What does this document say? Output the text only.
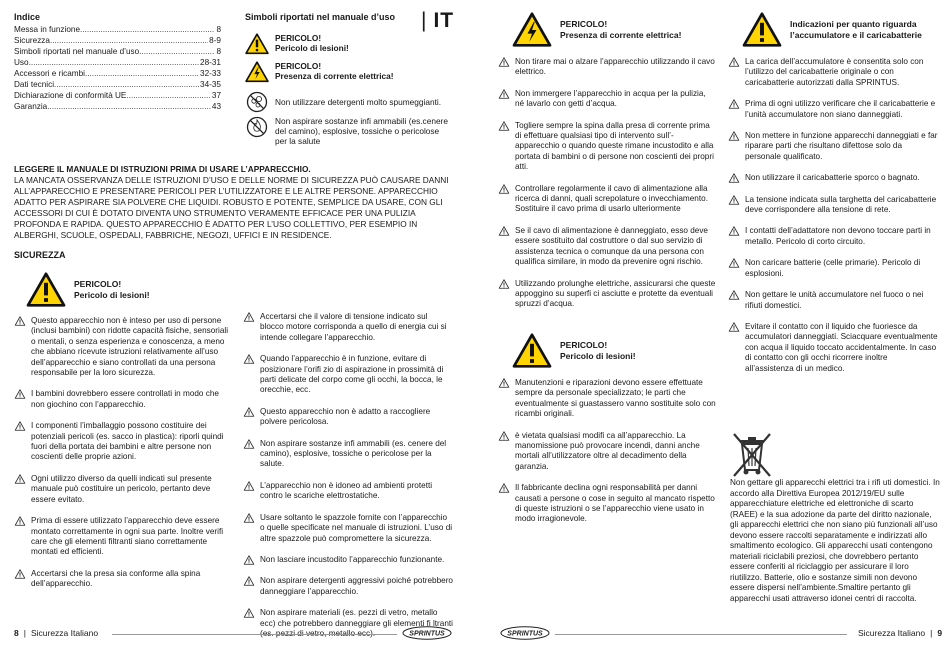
Indice
Messa in funzione .....	8
Sicurezza .....	8-9
Simboli riportati nel manuale d’uso .....	8
Uso .....	28-31
Accessori e ricambi .....	32-33
Dati tecnici .....	34-35
Dichiarazione di conformità UE .....	37
Garanzia .....	43
Simboli riportati nel manuale d’uso | IT
PERICOLO!
Pericolo di lesioni!
PERICOLO!
Presenza di corrente elettrica!
Non utilizzare detergenti molto spumeggianti.
Non aspirare sostanze infi ammabili (es.cenere del camino), esplosive, tossiche o pericolose per la salute
LEGGERE IL MANUALE DI ISTRUZIONI PRIMA DI USARE L’APPARECCHIO.
LA MANCATA OSSERVANZA DELLE ISTRUZIONI D’USO E DELLE NORME DI SICUREZZA PUÒ CAUSARE DANNI ALL’APPARECCHIO E PRESENTARE PERICOLI PER L’UTILIZZATORE E LE ALTRE PERSONE. APPARECCHIO ADATTO PER ASPIRARE SIA POLVERE CHE LIQUIDI. ROBUSTO E POTENTE, SEMPLICE DA USARE, CON GLI ACCESSORI DI CUI È DOTATO DIVENTA UNO STRUMENTO VERAMENTE EFFICACE PER UNA PULIZIA PROFONDA E RAPIDA. QUESTO APPARECCHIO È ADATTO PER L’USO COLLETTIVO, PER ESEMPIO IN ALBERGHI, SCUOLE, OSPEDALI, FABBRICHE, NEGOZI, UFFICI E IN RESIDENCE.
SICUREZZA
PERICOLO!
Pericolo di lesioni!
Questo apparecchio non è inteso per uso di persone (inclusi bambini) con ridotte capacità fisiche, sensoriali o mentali, o senza esperienza e conoscenza, a meno che abbiano ricevute istruzioni relativamente all’uso dell’apparecchio e siano controllati da una persona responsabile per la loro sicurezza.
I bambini dovrebbero essere controllati in modo che non giochino con l’apparecchio.
I componenti l’imballaggio possono costituire dei potenziali pericoli (es. sacco in plastica): riporli quindi fuori della portata dei bambini e altre persone non coscienti delle proprie azioni.
Ogni utilizzo diverso da quelli indicati sul presente manuale può costituire un pericolo, pertanto deve essere evitato.
Prima di essere utilizzato l’apparecchio deve essere montato correttamente in ogni sua parte. Inoltre verifi care che gli elementi filtranti siano correttamente montati ed efficienti.
Accertarsi che la presa sia conforme alla spina dell’apparecchio.
Accertarsi che il valore di tensione indicato sul blocco motore corrisponda a quello di energia cui si intende collegare l’apparecchio.
Quando l’apparecchio è in funzione, evitare di posizionare l’orifi zio di aspirazione in prossimità di parti delicate del corpo come gli occhi, la bocca, le orecchie, ecc.
Questo apparecchio non è adatto a raccogliere polvere pericolosa.
Non aspirare sostanze infi ammabili (es. cenere del camino), esplosive, tossiche o pericolose per la salute.
L’apparecchio non è idoneo ad ambienti protetti contro le scariche elettrostatiche.
Usare soltanto le spazzole fornite con l’apparecchio o quelle specificate nel manuale di istruzioni. L’uso di altre spazzole può compromettere la sicurezza.
Non lasciare incustodito l’apparecchio funzionante.
Non aspirare detergenti aggressivi poiché potrebbero danneggiare l’apparecchio.
Non aspirare materiali (es. pezzi di vetro, metallo ecc) che potrebbero danneggiare gli elementi fi ltranti
PERICOLO!
Presenza di corrente elettrica!
Non tirare mai o alzare l’apparecchio utilizzando il cavo elettrico.
Non immergere l’apparecchio in acqua per la pulizia, né lavarlo con getti d’acqua.
Togliere sempre la spina dalla presa di corrente prima di effettuare qualsiasi tipo di intervento sull’-apparecchio o quando queste rimane incustodito e alla portata di bambini o di persone non coscienti dei propri atti.
Controllare regolarmente il cavo di alimentazione alla ricerca di danni, quali screpolature o invecchiamento. Sostituire il cavo prima di usarlo ulteriormente
Se il cavo di alimentazione è danneggiato, esso deve essere sostituito dal costruttore o dal suo servizio di assistenza tecnica o comunque da una persona con qualifica similare, in modo da prevenire ogni rischio.
Utilizzando prolunghe elettriche, assicurarsi che queste appoggino su superfi ci asciutte e protette da eventuali spruzzi d’acqua.
PERICOLO!
Pericolo di lesioni!
Manutenzioni e riparazioni devono essere effettuate sempre da personale specializzato; le parti che eventualmente si guastassero vanno sostituite solo con ricambi originali.
è vietata qualsiasi modifi ca all’apparecchio. La manomissione può provocare incendi, danni anche mortali all’utilizzatore oltre al decadimento della garanzia.
Il fabbricante declina ogni responsabilità per danni causati a persone o cose in seguito al mancato rispetto di queste istruzioni o se l’apparecchio viene usato in modo irragionevole.
Indicazioni per quanto riguarda
l’accumulatore e il caricabatterie
La carica dell’accumulatore è consentita solo con l’utilizzo del caricabatterie originale o con caricabatterie autorizzati dalla SPRINTUS.
Prima di ogni utilizzo verificare che il caricabatterie e l’unità accumulatore non siano danneggiati.
Non mettere in funzione apparecchi danneggiati e far riparare parti che risultano difettose solo da personale qualificato.
Non utilizzare il caricabatterie sporco o bagnato.
La tensione indicata sulla targhetta del caricabatterie deve corrispondere alla tensione di rete.
I contatti dell’adattatore non devono toccare parti in metallo. Pericolo di corto circuito.
Non caricare batterie (celle primarie). Pericolo di esplosioni.
Non gettare le unità accumulatore nel fuoco o nei rifiuti domestici.
Evitare il contatto con il liquido che fuoriesce da accumulatori danneggiati. Sciacquare eventualmente con acqua il liquido toccato accidentalmente. In caso di contatto con gli occhi ricorrere inoltre all’assistenza di un medico.
Non gettare gli apparecchi elettrici tra i rifi uti domestici. In accordo alla Direttiva Europea 2012/19/EU sulle apparecchiature elettriche ed elettroniche di scarto (RAEE) e la sua adozione da parte del diritto nazionale, gli apparecchi elettrici che non siano più funzionali all’uso devono essere raccolti separatamente e indirizzati allo smaltimento ecologico. Gli apparecchi usati contengono materiali riciclabili preziosi, che dovrebbero pertanto essere conferiti al riciclaggio per assicurare il loro riutilizzo. Batterie, olio e sostanze simili non devono essere dispersi nell’ambiente.Smaltire pertanto gli apparecchi usati attraverso idonei centri di raccolta.
8 | Sicurezza Italiano	SPRINTUS	SPRINTUS	Sicurezza Italiano | 9
